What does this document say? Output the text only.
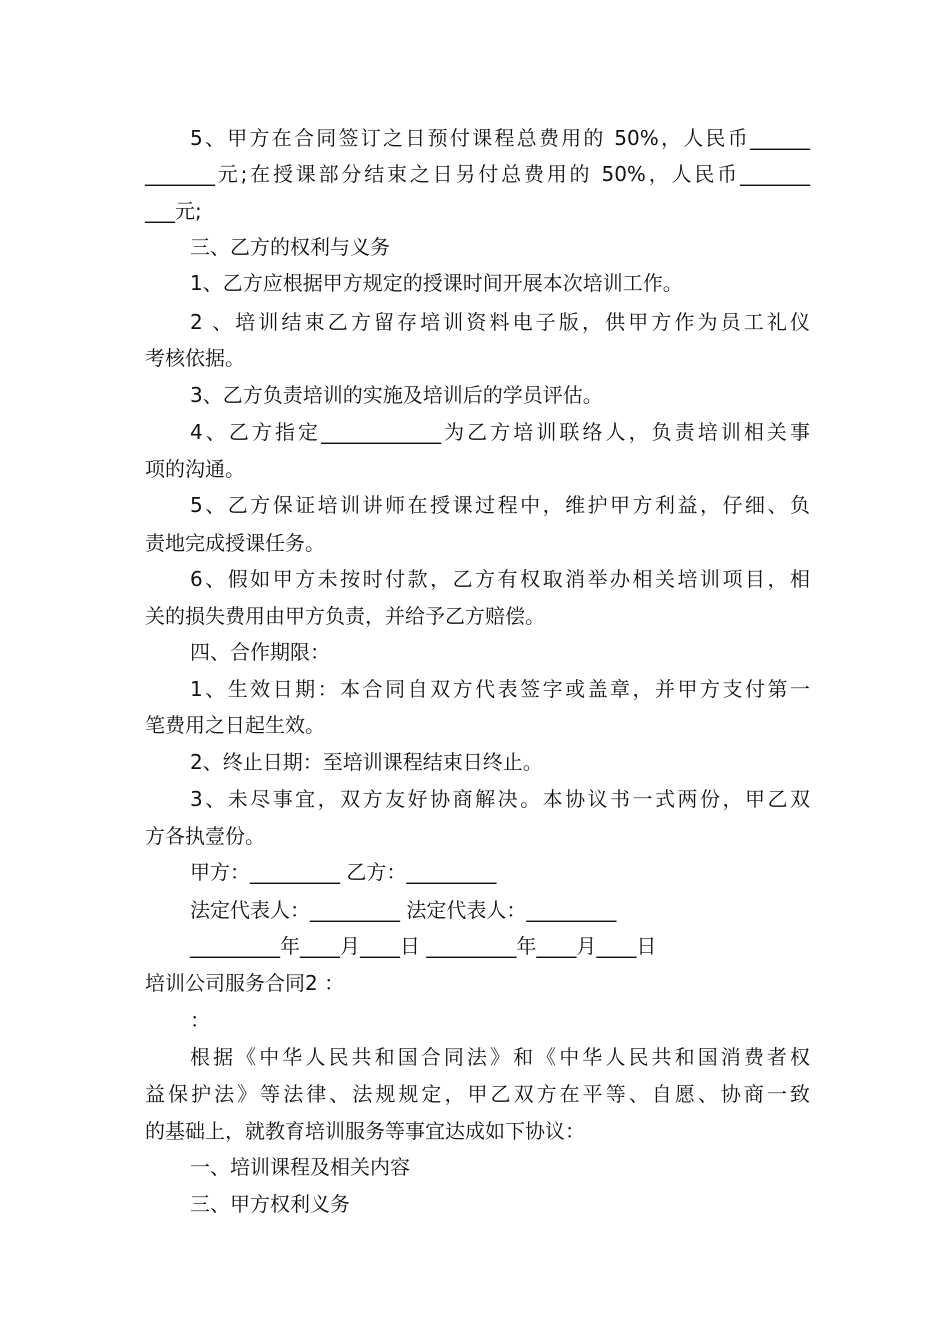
5、甲方在合同签订之日预付课程总费用的 50%，人民币______
_______元;在授课部分结束之日另付总费用的 50%，人民币_______
___元;
三、乙方的权利与义务
1、乙方应根据甲方规定的授课时间开展本次培训工作。
2 、培训结束乙方留存培训资料电子版，供甲方作为员工礼仪
考核依据。
3、乙方负责培训的实施及培训后的学员评估。
4、乙方指定____________为乙方培训联络人，负责培训相关事
项的沟通。
5、乙方保证培训讲师在授课过程中，维护甲方利益，仔细、负
责地完成授课任务。
6、假如甲方未按时付款，乙方有权取消举办相关培训项目，相
关的损失费用由甲方负责，并给予乙方赔偿。
四、合作期限：
1、生效日期：本合同自双方代表签字或盖章，并甲方支付第一
笔费用之日起生效。
2、终止日期：至培训课程结束日终止。
3、未尽事宜，双方友好协商解决。本协议书一式两份，甲乙双
方各执壹份。
甲方：_________ 乙方：_________
法定代表人：_________ 法定代表人：_________
_________年____月____日 _________年____月____日
培训公司服务合同2 ：
：
根据《中华人民共和国合同法》和《中华人民共和国消费者权
益保护法》等法律、法规规定，甲乙双方在平等、自愿、协商一致
的基础上，就教育培训服务等事宜达成如下协议：
一、培训课程及相关内容
三、甲方权利义务
